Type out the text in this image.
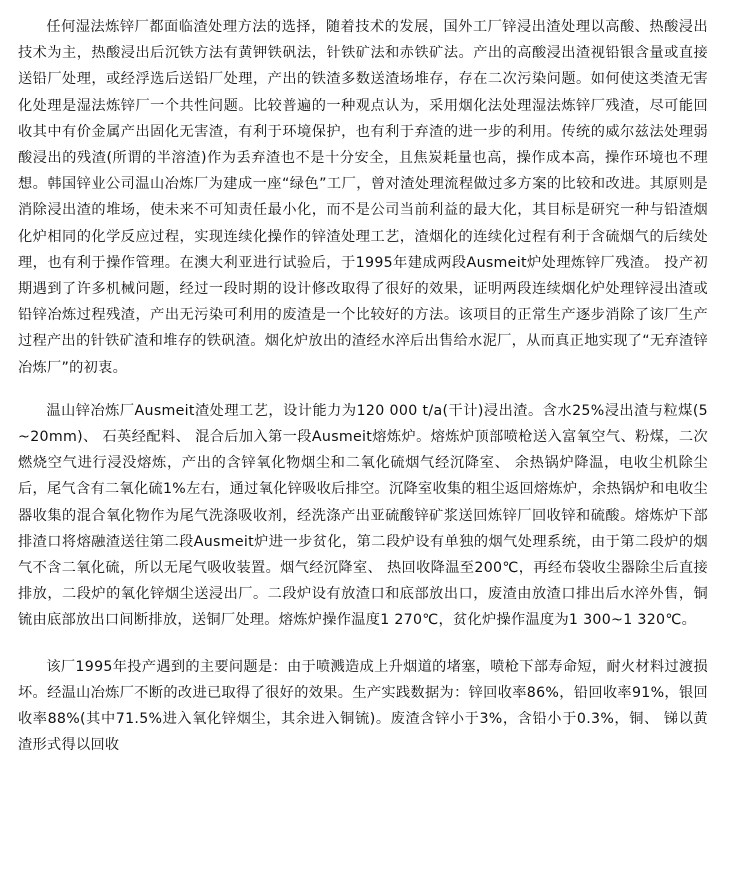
任何湿法炼锌厂都面临渣处理方法的选择，随着技术的发展，国外工厂锌浸出渣处理以高酸、热酸浸出技术为主，热酸浸出后沉铁方法有黄钾铁矾法，针铁矿法和赤铁矿法。产出的高酸浸出渣视铅银含量或直接送铅厂处理，或经浮选后送铅厂处理，产出的铁渣多数送渣场堆存，存在二次污染问题。如何使这类渣无害化处理是湿法炼锌厂一个共性问题。比较普遍的一种观点认为，采用烟化法处理湿法炼锌厂残渣，尽可能回收其中有价金属产出固化无害渣，有利于环境保护，也有利于弃渣的进一步的利用。传统的威尔兹法处理弱酸浸出的残渣(所谓的半溶渣)作为丢弃渣也不是十分安全，且焦炭耗量也高，操作成本高，操作环境也不理想。韩国锌业公司温山冶炼厂为建成一座“绿色”工厂，曾对渣处理流程做过多方案的比较和改进。其原则是消除浸出渣的堆场，使未来不可知责任最小化，而不是公司当前利益的最大化，其目标是研究一种与铅渣烟化炉相同的化学反应过程，实现连续化操作的锌渣处理工艺，渣烟化的连续化过程有利于含硫烟气的后续处理，也有利于操作管理。在澳大利亚进行试验后，于1995年建成两段Ausmeit炉处理炼锌厂残渣。 投产初期遇到了许多机械问题，经过一段时期的设计修改取得了很好的效果，证明两段连续烟化炉处理锌浸出渣或铅锌冶炼过程残渣，产出无污染可利用的废渣是一个比较好的方法。该项目的正常生产逐步消除了该厂生产过程产出的针铁矿渣和堆存的铁矾渣。烟化炉放出的渣经水淬后出售给水泥厂，从而真正地实现了“无弃渣锌冶炼厂”的初衷。

温山锌冶炼厂Ausmeit渣处理工艺，设计能力为120 000 t/a(干计)浸出渣。含水25%浸出渣与粒煤(5~20mm)、 石英经配料、 混合后加入第一段Ausmeit熔炼炉。熔炼炉顶部喷枪送入富氧空气、粉煤，二次燃烧空气进行浸没熔炼，产出的含锌氧化物烟尘和二氧化硫烟气经沉降室、 余热锅炉降温，电收尘机除尘后，尾气含有二氧化硫1%左右，通过氧化锌吸收后排空。沉降室收集的粗尘返回熔炼炉，余热锅炉和电收尘器收集的混合氧化物作为尾气洗涤吸收剂，经洗涤产出亚硫酸锌矿浆送回炼锌厂回收锌和硫酸。熔炼炉下部排渣口将熔融渣送往第二段Ausmeit炉进一步贫化，第二段炉设有单独的烟气处理系统，由于第二段炉的烟气不含二氧化硫，所以无尾气吸收装置。烟气经沉降室、 热回收降温至200℃，再经布袋收尘器除尘后直接排放，二段炉的氧化锌烟尘送浸出厂。二段炉设有放渣口和底部放出口，废渣由放渣口排出后水淬外售，铜锍由底部放出口间断排放，送铜厂处理。熔炼炉操作温度1 270℃，贫化炉操作温度为1 300~1 320℃。

该厂1995年投产遇到的主要问题是：由于喷溅造成上升烟道的堵塞，喷枪下部寿命短，耐火材料过渡损坏。经温山冶炼厂不断的改进已取得了很好的效果。生产实践数据为：锌回收率86%，铅回收率91%，银回收率88%(其中71.5%进入氧化锌烟尘，其余进入铜锍)。废渣含锌小于3%，含铅小于0.3%，铜、 锑以黄渣形式得以回收
